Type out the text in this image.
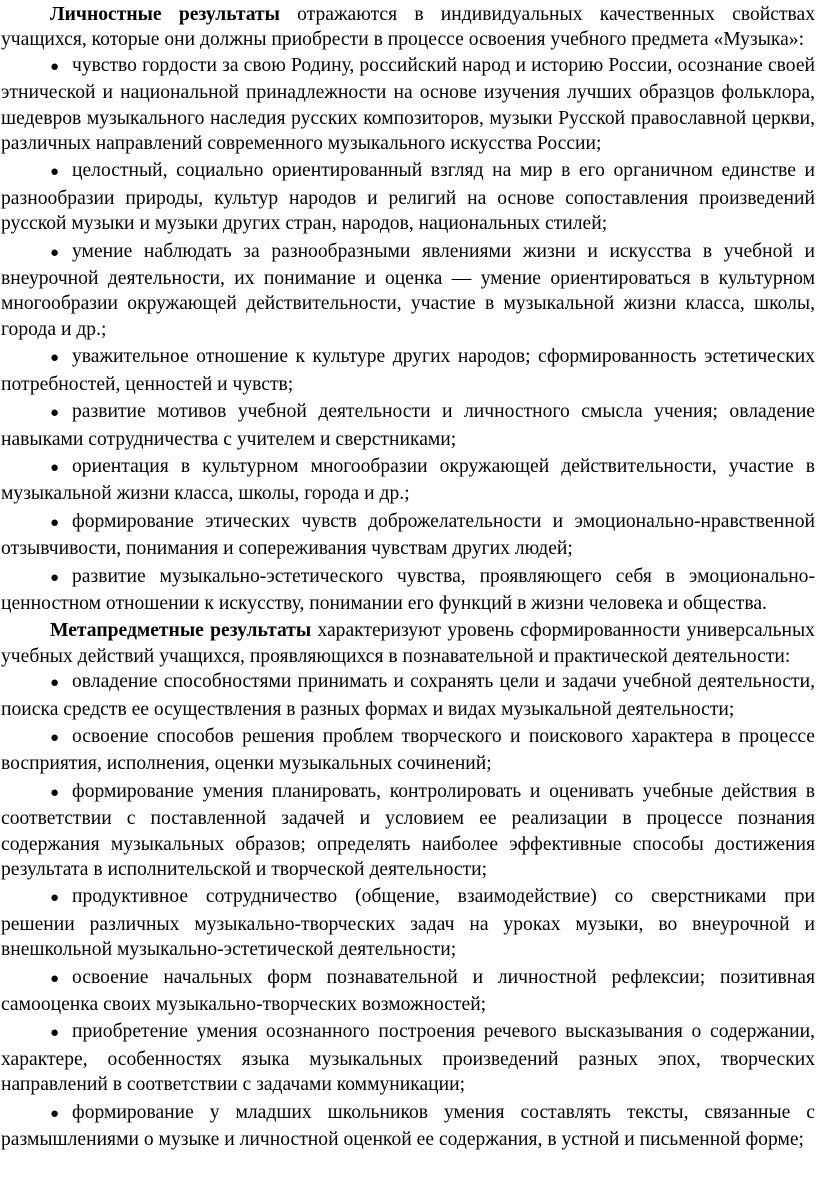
Личностные результаты отражаются в индивидуальных качественных свойствах учащихся, которые они должны приобрести в процессе освоения учебного предмета «Музыка»:

● чувство гордости за свою Родину, российский народ и историю России, осознание своей этнической и национальной принадлежности на основе изучения лучших образцов фольклора, шедевров музыкального наследия русских композиторов, музыки Русской православной церкви, различных направлений современного музыкального искусства России;
● целостный, социально ориентированный взгляд на мир в его органичном единстве и разнообразии природы, культур народов и религий на основе сопоставления произведений русской музыки и музыки других стран, народов, национальных стилей;
● умение наблюдать за разнообразными явлениями жизни и искусства в учебной и внеурочной деятельности, их понимание и оценка — умение ориентироваться в культурном многообразии окружающей действительности, участие в музыкальной жизни класса, школы, города и др.;
● уважительное отношение к культуре других народов; сформированность эстетических потребностей, ценностей и чувств;
● развитие мотивов учебной деятельности и личностного смысла учения; овладение навыками сотрудничества с учителем и сверстниками;
● ориентация в культурном многообразии окружающей действительности, участие в музыкальной жизни класса, школы, города и др.;
● формирование этических чувств доброжелательности и эмоционально-нравственной отзывчивости, понимания и сопереживания чувствам других людей;
● развитие музыкально-эстетического чувства, проявляющего себя в эмоционально-ценностном отношении к искусству, понимании его функций в жизни человека и общества.

Метапредметные результаты характеризуют уровень сформированности универсальных учебных действий учащихся, проявляющихся в познавательной и практической деятельности:

● овладение способностями принимать и сохранять цели и задачи учебной деятельности, поиска средств ее осуществления в разных формах и видах музыкальной деятельности;
● освоение способов решения проблем творческого и поискового характера в процессе восприятия, исполнения, оценки музыкальных сочинений;
● формирование умения планировать, контролировать и оценивать учебные действия в соответствии с поставленной задачей и условием ее реализации в процессе познания содержания музыкальных образов; определять наиболее эффективные способы достижения результата в исполнительской и творческой деятельности;
● продуктивное сотрудничество (общение, взаимодействие) со сверстниками при решении различных музыкально-творческих задач на уроках музыки, во внеурочной и внешкольной музыкально-эстетической деятельности;
● освоение начальных форм познавательной и личностной рефлексии; позитивная самооценка своих музыкально-творческих возможностей;
● приобретение умения осознанного построения речевого высказывания о содержании, характере, особенностях языка музыкальных произведений разных эпох, творческих направлений в соответствии с задачами коммуникации;
● формирование у младших школьников умения составлять тексты, связанные с размышлениями о музыке и личностной оценкой ее содержания, в устной и письменной форме;
